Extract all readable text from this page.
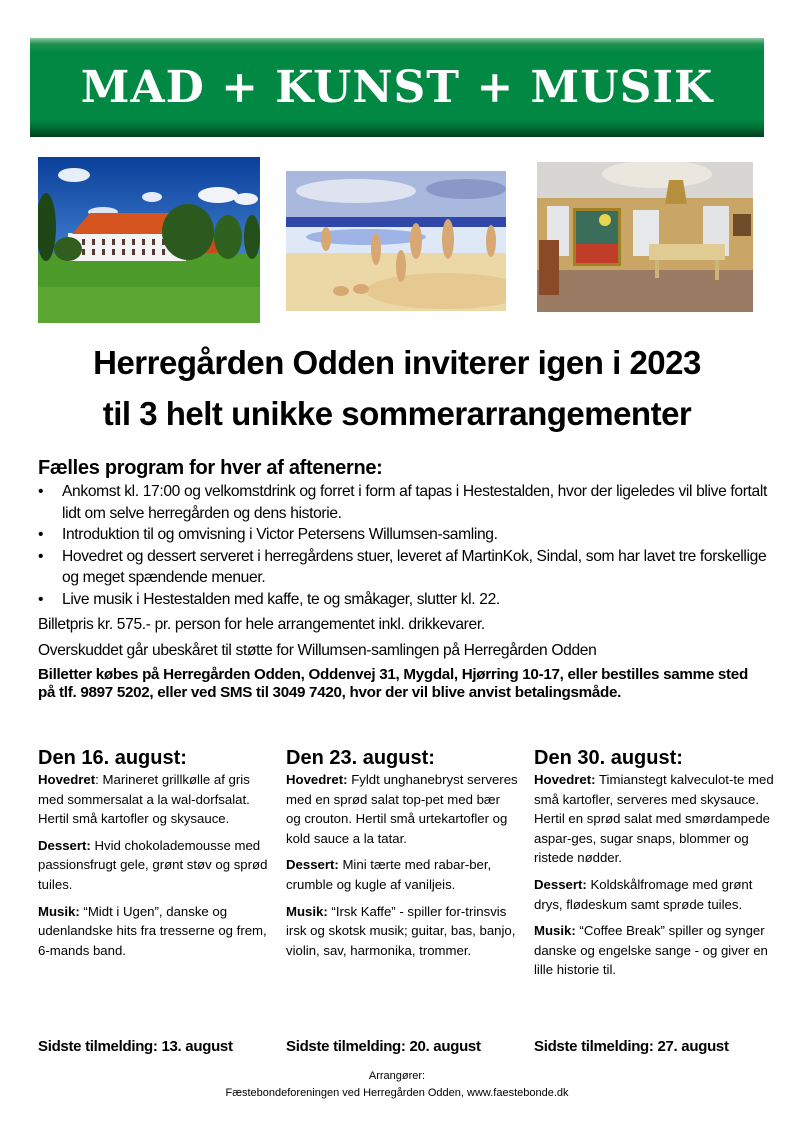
MAD + KUNST + MUSIK
Herregården Odden inviterer igen i 2023
til 3 helt unikke sommerarrangementer
Fælles program for hver af aftenerne:
• Ankomst kl. 17:00 og velkomstdrink og forret i form af tapas i Hestestalden, hvor der ligeledes vil blive fortalt lidt om selve herregården og dens historie.
• Introduktion til og omvisning i Victor Petersens Willumsen-samling.
• Hovedret og dessert serveret i herregårdens stuer, leveret af MartinKok, Sindal, som har lavet tre forskellige og meget spændende menuer.
• Live musik i Hestestalden med kaffe, te og småkager, slutter kl. 22.
Billetpris kr. 575.- pr. person for hele arrangementet inkl. drikkevarer.
Overskuddet går ubeskåret til støtte for Willumsen-samlingen på Herregården Odden
Billetter købes på Herregården Odden, Oddenvej 31, Mygdal, Hjørring 10-17, eller bestilles samme sted på tlf. 9897 5202, eller ved SMS til 3049 7420, hvor der vil blive anvist betalingsmåde.
Den 16. august:
Hovedret: Marineret grillkølle af gris med sommersalat a la wal-dorfsalat. Hertil små kartofler og skysauce.
Dessert: Hvid chokolademousse med passionsfrugt gele, grønt støv og sprød tuiles.
Musik: “Midt i Ugen”, danske og udenlandske hits fra tresserne og frem, 6-mands band.
Den 23. august:
Hovedret: Fyldt unghanebryst serveres med en sprød salat top-pet med bær og crouton. Hertil små urtekartofler og kold sauce a la tatar.
Dessert: Mini tærte med rabar-ber, crumble og kugle af vaniljeis.
Musik: “Irsk Kaffe” - spiller for-trinsvis irsk og skotsk musik; guitar, bas, banjo, violin, sav, harmonika, trommer.
Den 30. august:
Hovedret: Timianstegt kalveculot-te med små kartofler, serveres med skysauce. Hertil en sprød salat med smørdampede aspar-ges, sugar snaps, blommer og ristede nødder.
Dessert: Koldskålfromage med grønt drys, flødeskum samt sprøde tuiles.
Musik: “Coffee Break” spiller og synger danske og engelske sange - og giver en lille historie til.
Sidste tilmelding: 13. august	Sidste tilmelding: 20. august	Sidste tilmelding: 27. august
Arrangører:
Fæstebondeforeningen ved Herregården Odden, www.faestebonde.dk
